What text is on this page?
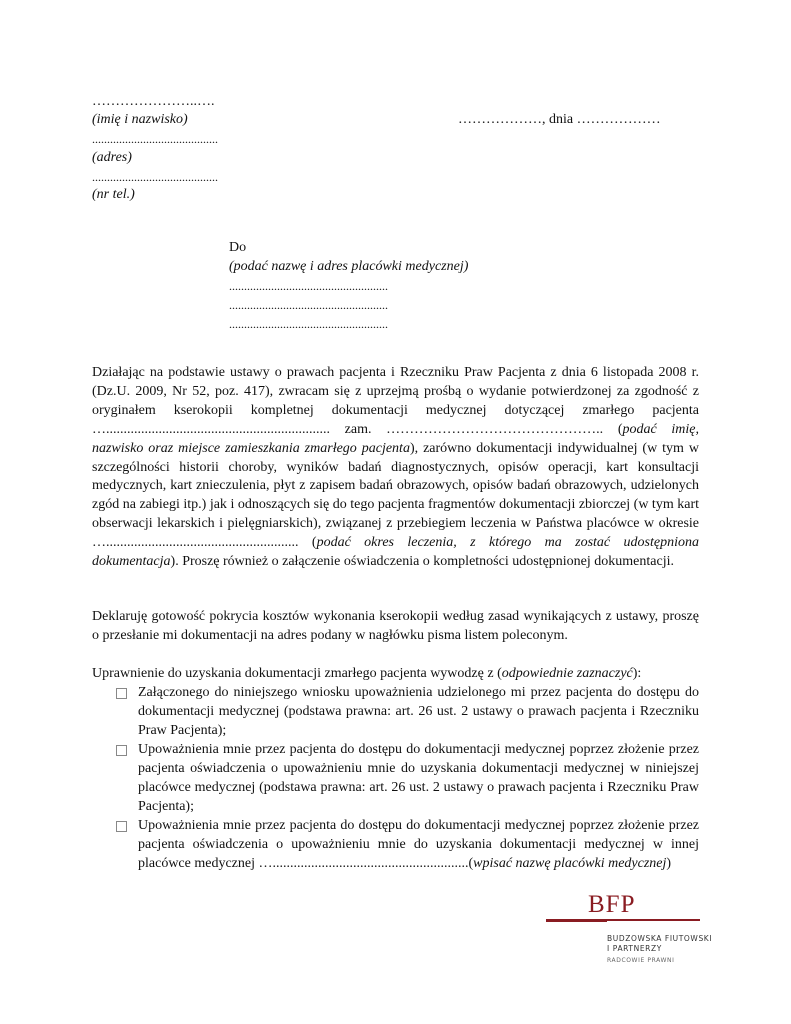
…………………..….
(imię i nazwisko)
..........................................
(adres)
..........................................
(nr tel.)
………………, dnia ………………
Do
(podać nazwę i adres placówki medycznej)
.....................................................
.....................................................
.....................................................

Działając na podstawie ustawy o prawach pacjenta i Rzeczniku Praw Pacjenta z dnia 6 listopada 2008 r. (Dz.U. 2009, Nr 52, poz. 417), zwracam się z uprzejmą prośbą o wydanie potwierdzonej za zgodność z oryginałem kserokopii kompletnej dokumentacji medycznej dotyczącej zmarłego pacjenta …................................................................ zam. ……………………………………….. (podać imię, nazwisko oraz miejsce zamieszkania zmarłego pacjenta), zarówno dokumentacji indywidualnej (w tym w szczególności historii choroby, wyników badań diagnostycznych, opisów operacji, kart konsultacji medycznych, kart znieczulenia, płyt z zapisem badań obrazowych, opisów badań obrazowych, udzielonych zgód na zabiegi itp.) jak i odnoszących się do tego pacjenta fragmentów dokumentacji zbiorczej (w tym kart obserwacji lekarskich i pielęgniarskich), związanej z przebiegiem leczenia w Państwa placówce w okresie …....................................................... (podać okres leczenia, z którego ma zostać udostępniona dokumentacja). Proszę również o załączenie oświadczenia o kompletności udostępnionej dokumentacji.

Deklaruję gotowość pokrycia kosztów wykonania kserokopii według zasad wynikających z ustawy, proszę o przesłanie mi dokumentacji na adres podany w nagłówku pisma listem poleconym.

Uprawnienie do uzyskania dokumentacji zmarłego pacjenta wywodzę z (odpowiednie zaznaczyć):
Załączonego do niniejszego wniosku upoważnienia udzielonego mi przez pacjenta do dostępu do dokumentacji medycznej (podstawa prawna: art. 26 ust. 2 ustawy o prawach pacjenta i Rzeczniku Praw Pacjenta);
Upoważnienia mnie przez pacjenta do dostępu do dokumentacji medycznej poprzez złożenie przez pacjenta oświadczenia o upoważnieniu mnie do uzyskania dokumentacji medycznej w niniejszej placówce medycznej (podstawa prawna: art. 26 ust. 2 ustawy o prawach pacjenta i Rzeczniku Praw Pacjenta);
Upoważnienia mnie przez pacjenta do dostępu do dokumentacji medycznej poprzez złożenie przez pacjenta oświadczenia o upoważnieniu mnie do uzyskania dokumentacji medycznej w innej placówce medycznej …........................................................(wpisać nazwę placówki medycznej)
BFP
BUDZOWSKA FIUTOWSKI
I PARTNERZY
RADCOWIE PRAWNI
